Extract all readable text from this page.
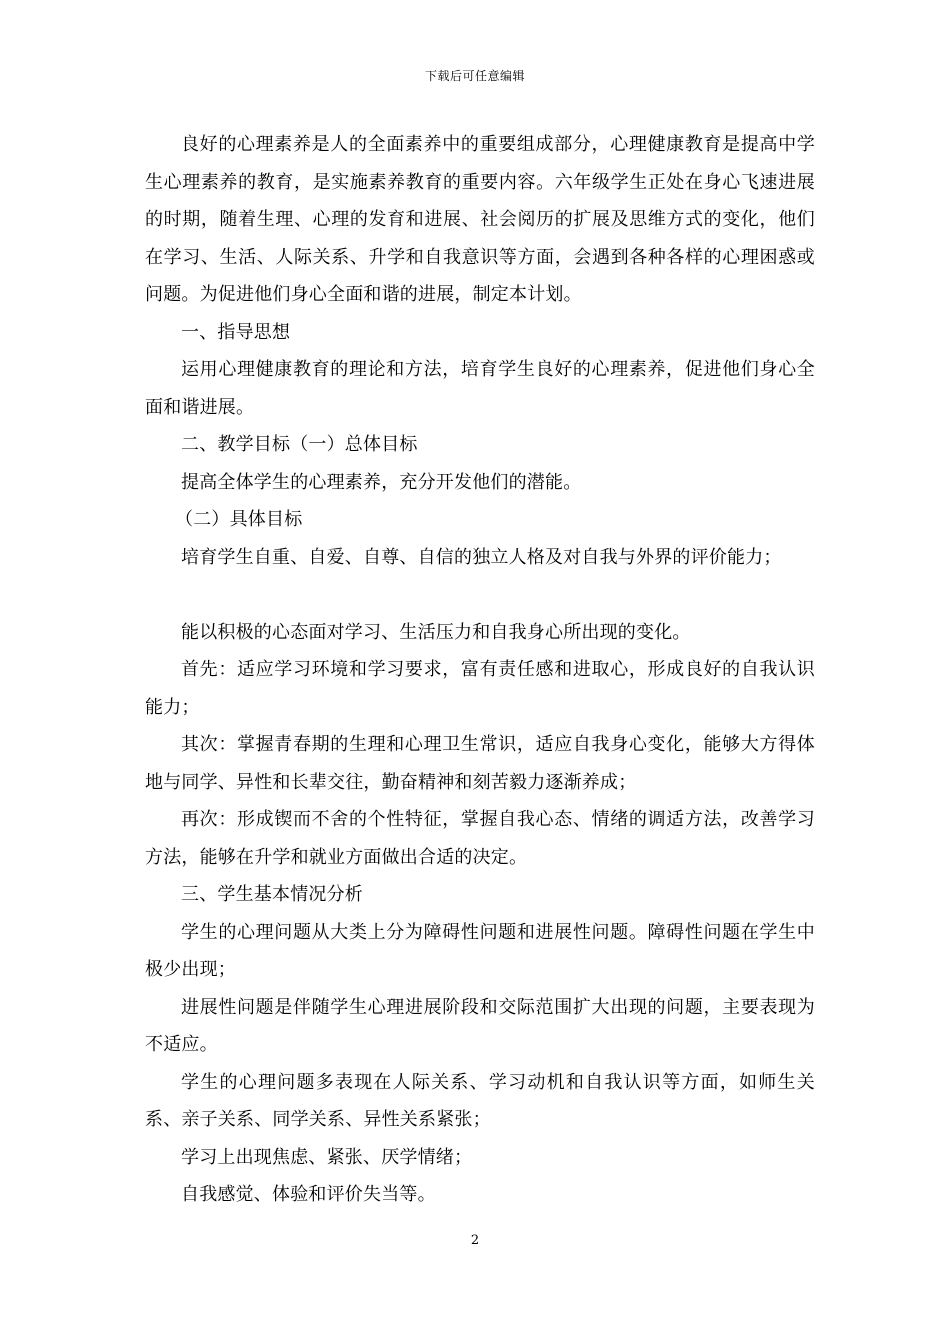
下载后可任意编辑

良好的心理素养是人的全面素养中的重要组成部分，心理健康教育是提高中学生心理素养的教育，是实施素养教育的重要内容。六年级学生正处在身心飞速进展的时期，随着生理、心理的发育和进展、社会阅历的扩展及思维方式的变化，他们在学习、生活、人际关系、升学和自我意识等方面，会遇到各种各样的心理困惑或问题。为促进他们身心全面和谐的进展，制定本计划。

一、指导思想

运用心理健康教育的理论和方法，培育学生良好的心理素养，促进他们身心全面和谐进展。

二、教学目标（一）总体目标

提高全体学生的心理素养，充分开发他们的潜能。

（二）具体目标

培育学生自重、自爱、自尊、自信的独立人格及对自我与外界的评价能力；

能以积极的心态面对学习、生活压力和自我身心所出现的变化。

首先：适应学习环境和学习要求，富有责任感和进取心，形成良好的自我认识能力；

其次：掌握青春期的生理和心理卫生常识，适应自我身心变化，能够大方得体地与同学、异性和长辈交往，勤奋精神和刻苦毅力逐渐养成；

再次：形成锲而不舍的个性特征，掌握自我心态、情绪的调适方法，改善学习方法，能够在升学和就业方面做出合适的决定。

三、学生基本情况分析

学生的心理问题从大类上分为障碍性问题和进展性问题。障碍性问题在学生中极少出现；

进展性问题是伴随学生心理进展阶段和交际范围扩大出现的问题，主要表现为不适应。

学生的心理问题多表现在人际关系、学习动机和自我认识等方面，如师生关系、亲子关系、同学关系、异性关系紧张；

学习上出现焦虑、紧张、厌学情绪；

自我感觉、体验和评价失当等。

2
